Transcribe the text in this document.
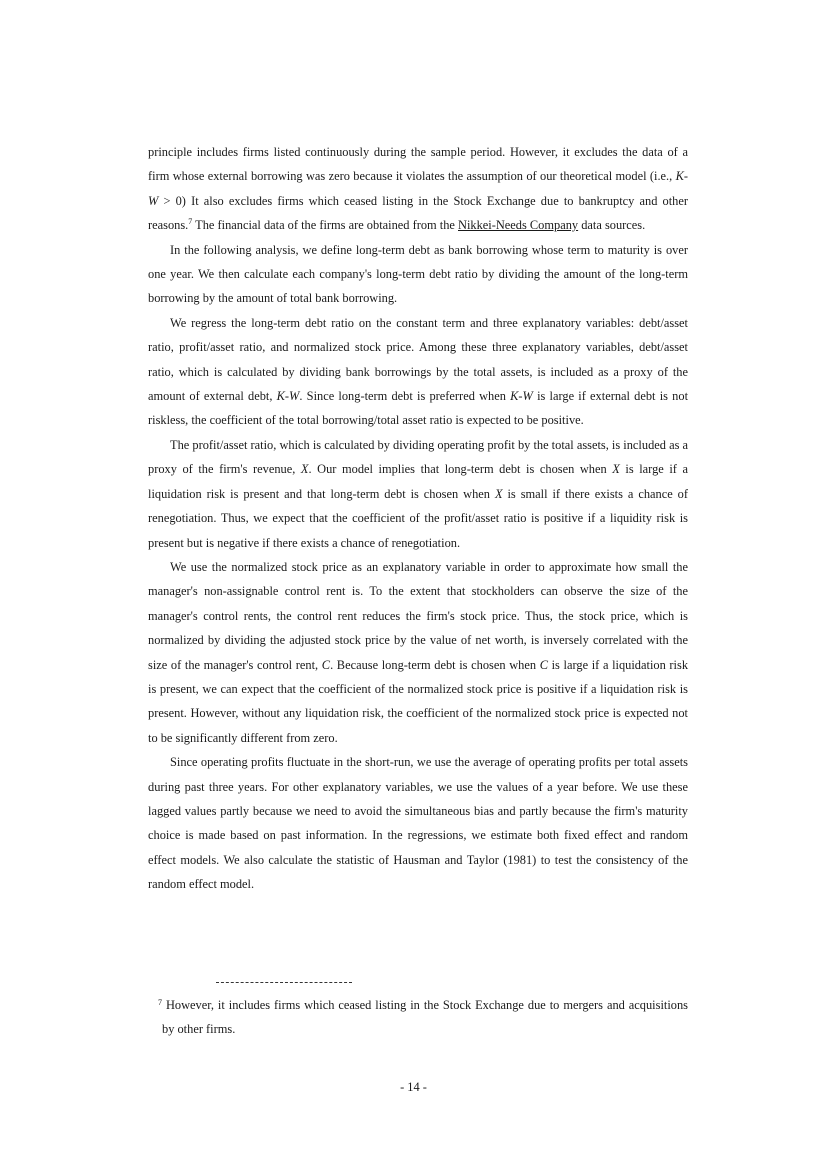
principle includes firms listed continuously during the sample period. However, it excludes the data of a firm whose external borrowing was zero because it violates the assumption of our theoretical model (i.e., K-W > 0) It also excludes firms which ceased listing in the Stock Exchange due to bankruptcy and other reasons.$^7$ The financial data of the firms are obtained from the Nikkei-Needs Company data sources.

In the following analysis, we define long-term debt as bank borrowing whose term to maturity is over one year. We then calculate each company's long-term debt ratio by dividing the amount of the long-term borrowing by the amount of total bank borrowing.

We regress the long-term debt ratio on the constant term and three explanatory variables: debt/asset ratio, profit/asset ratio, and normalized stock price. Among these three explanatory variables, debt/asset ratio, which is calculated by dividing bank borrowings by the total assets, is included as a proxy of the amount of external debt, K-W. Since long-term debt is preferred when K-W is large if external debt is not riskless, the coefficient of the total borrowing/total asset ratio is expected to be positive.

The profit/asset ratio, which is calculated by dividing operating profit by the total assets, is included as a proxy of the firm's revenue, X. Our model implies that long-term debt is chosen when X is large if a liquidation risk is present and that long-term debt is chosen when X is small if there exists a chance of renegotiation. Thus, we expect that the coefficient of the profit/asset ratio is positive if a liquidity risk is present but is negative if there exists a chance of renegotiation.

We use the normalized stock price as an explanatory variable in order to approximate how small the manager's non-assignable control rent is. To the extent that stockholders can observe the size of the manager's control rents, the control rent reduces the firm's stock price. Thus, the stock price, which is normalized by dividing the adjusted stock price by the value of net worth, is inversely correlated with the size of the manager's control rent, C. Because long-term debt is chosen when C is large if a liquidation risk is present, we can expect that the coefficient of the normalized stock price is positive if a liquidation risk is present. However, without any liquidation risk, the coefficient of the normalized stock price is expected not to be significantly different from zero.

Since operating profits fluctuate in the short-run, we use the average of operating profits per total assets during past three years. For other explanatory variables, we use the values of a year before. We use these lagged values partly because we need to avoid the simultaneous bias and partly because the firm's maturity choice is made based on past information. In the regressions, we estimate both fixed effect and random effect models. We also calculate the statistic of Hausman and Taylor (1981) to test the consistency of the random effect model.

7 However, it includes firms which ceased listing in the Stock Exchange due to mergers and acquisitions by other firms.

- 14 -
